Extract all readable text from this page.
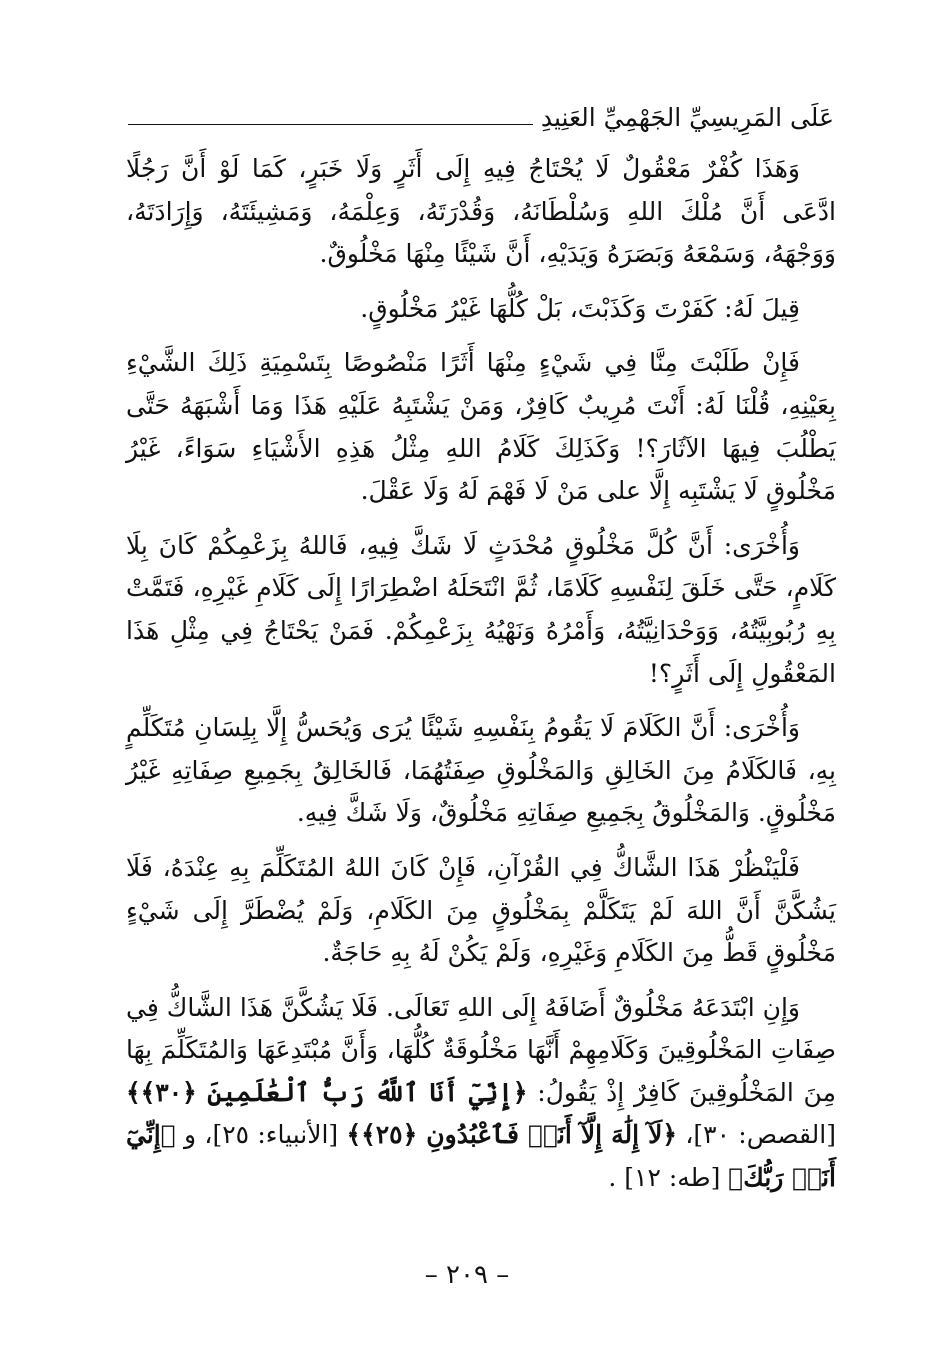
عَلَى المَرِيسِيِّ الجَهْمِيِّ العَنِيدِ

وَهَذَا كُفْرٌ مَعْقُولٌ لَا يُحْتَاجُ فِيهِ إِلَى أَثَرٍ وَلَا خَبَرٍ، كَمَا لَوْ أَنَّ رَجُلًا ادَّعَى أَنَّ مُلْكَ اللهِ وَسُلْطَانَهُ، وَقُدْرَتَهُ، وَعِلْمَهُ، وَمَشِيئَتَهُ، وَإِرَادَتَهُ، وَوَجْهَهُ، وَسَمْعَهُ وَبَصَرَهُ وَيَدَيْهِ، أَنَّ شَيْئًا مِنْهَا مَخْلُوقٌ.

قِيلَ لَهُ: كَفَرْتَ وَكَذَبْتَ، بَلْ كُلُّهَا غَيْرُ مَخْلُوقٍ.

فَإِنْ طَلَبْتَ مِنَّا فِي شَيْءٍ مِنْهَا أَثَرًا مَنْصُوصًا بِتَسْمِيَةِ ذَلِكَ الشَّيْءِ بِعَيْنِهِ، قُلْنَا لَهُ: أَنْتَ مُرِيبٌ كَافِرٌ، وَمَنْ يَشْتَبِهُ عَلَيْهِ هَذَا وَمَا أَشْبَهَهُ حَتَّى يَطْلُبَ فِيهَا الآثَارَ؟! وَكَذَلِكَ كَلَامُ اللهِ مِثْلُ هَذِهِ الأَشْيَاءِ سَوَاءً، غَيْرُ مَخْلُوقٍ لَا يَشْتَبِه إِلَّا على مَنْ لَا فَهْمَ لَهُ وَلَا عَقْلَ.

وَأُخْرَى: أَنَّ كُلَّ مَخْلُوقٍ مُحْدَثٍ لَا شَكَّ فِيهِ، فَاللهُ بِزَعْمِكُمْ كَانَ بِلَا كَلَامٍ، حَتَّى خَلَقَ لِنَفْسِهِ كَلَامًا، ثُمَّ انْتَحَلَهُ اضْطِرَارًا إِلَى كَلَامِ غَيْرِهِ، فَتَمَّتْ بِهِ رُبُوبِيَّتُهُ، وَوَحْدَانِيَّتُهُ، وَأَمْرُهُ وَنَهْيُهُ بِزَعْمِكُمْ. فَمَنْ يَحْتَاجُ فِي مِثْلِ هَذَا المَعْقُولِ إِلَى أَثَرٍ؟!

وَأُخْرَى: أَنَّ الكَلَامَ لَا يَقُومُ بِنَفْسِهِ شَيْئًا يُرَى وَيُحَسُّ إِلَّا بِلِسَانِ مُتَكَلِّمٍ بِهِ، فَالكَلَامُ مِنَ الخَالِقِ وَالمَخْلُوقِ صِفَتُهُمَا، فَالخَالِقُ بِجَمِيعِ صِفَاتِهِ غَيْرُ مَخْلُوقٍ. وَالمَخْلُوقُ بِجَمِيعِ صِفَاتِهِ مَخْلُوقٌ، وَلَا شَكَّ فِيهِ.

فَلْيَنْظُرْ هَذَا الشَّاكُّ فِي القُرْآنِ، فَإِنْ كَانَ اللهُ المُتَكَلِّمَ بِهِ عِنْدَهُ، فَلَا يَشُكَّنَّ أَنَّ اللهَ لَمْ يَتَكَلَّمْ بِمَخْلُوقٍ مِنَ الكَلَامِ، وَلَمْ يُضْطَرَّ إِلَى شَيْءٍ مَخْلُوقٍ قَطُّ مِنَ الكَلَامِ وَغَيْرِهِ، وَلَمْ يَكُنْ لَهُ بِهِ حَاجَةٌ.

وَإِنِ ابْتَدَعَهُ مَخْلُوقٌ أَضَافَهُ إِلَى اللهِ تَعَالَى. فَلَا يَشُكَّنَّ هَذَا الشَّاكُّ فِي صِفَاتِ المَخْلُوقِينَ وَكَلَامِهِمْ أَنَّهَا مَخْلُوقَةٌ كُلُّهَا، وَأَنَّ مُبْتَدِعَهَا وَالمُتَكَلِّمَ بِهَا مِنَ المَخْلُوقِينَ كَافِرٌ إِذْ يَقُولُ: ﴿إِنِّيٓ أَنَا ٱللَّهُ رَبُّ ٱلْعَٰلَمِينَ ﴿٣٠﴾﴾ [القصص: ٣٠]، ﴿لَآ إِلَٰهَ إِلَّآ أَنَا۠ فَٱعْبُدُونِ ﴿٢٥﴾﴾ [الأنبياء: ٢٥]، و ﴿إِنِّيٓ أَنَا۠ رَبُّكَ﴾ [طه: ١٢] .

– ٢٠٩ –
